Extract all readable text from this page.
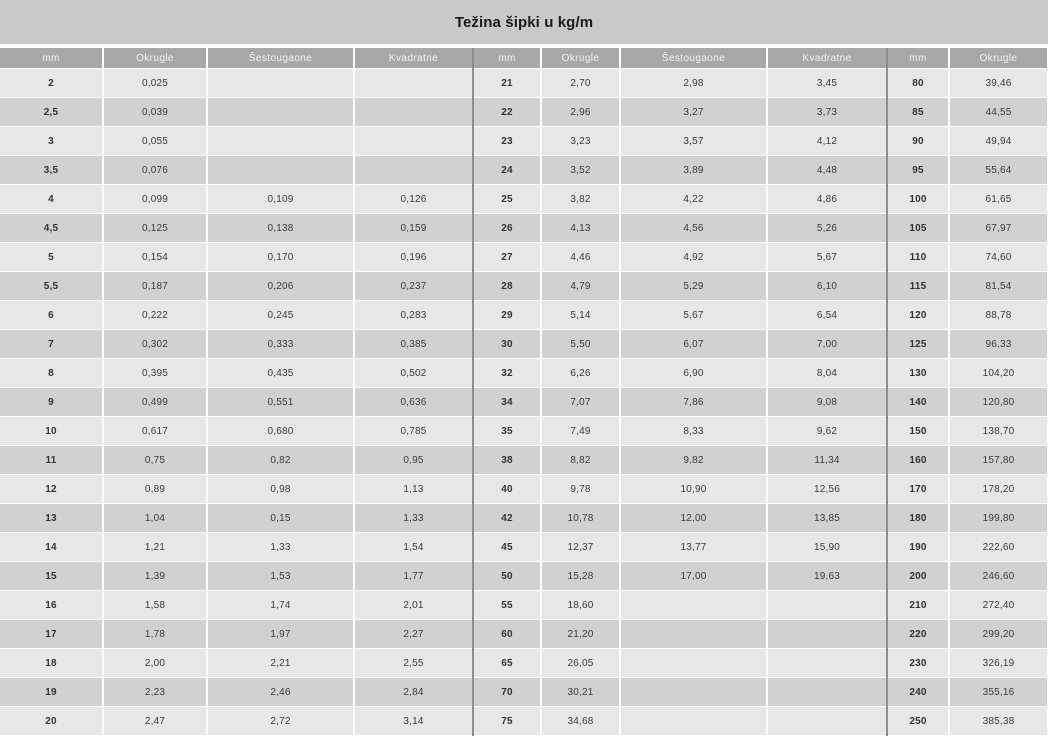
Težina šipki u kg/m
mm	Okrugle	Šestougaone	Kvadratne	mm	Okrugle	Šestougaone	Kvadratne	mm	Okrugle
2	0,025			21	2,70	2,98	3,45	80	39,46
2,5	0,039			22	2,96	3,27	3,73	85	44,55
3	0,055			23	3,23	3,57	4,12	90	49,94
3,5	0,076			24	3,52	3,89	4,48	95	55,64
4	0,099	0,109	0,126	25	3,82	4,22	4,86	100	61,65
4,5	0,125	0,138	0,159	26	4,13	4,56	5,26	105	67,97
5	0,154	0,170	0,196	27	4,46	4,92	5,67	110	74,60
5,5	0,187	0,206	0,237	28	4,79	5,29	6,10	115	81,54
6	0,222	0,245	0,283	29	5,14	5,67	6,54	120	88,78
7	0,302	0,333	0,385	30	5,50	6,07	7,00	125	96,33
8	0,395	0,435	0,502	32	6,26	6,90	8,04	130	104,20
9	0,499	0,551	0,636	34	7,07	7,86	9,08	140	120,80
10	0,617	0,680	0,785	35	7,49	8,33	9,62	150	138,70
11	0,75	0,82	0,95	38	8,82	9,82	11,34	160	157,80
12	0,89	0,98	1,13	40	9,78	10,90	12,56	170	178,20
13	1,04	0,15	1,33	42	10,78	12,00	13,85	180	199,80
14	1,21	1,33	1,54	45	12,37	13,77	15,90	190	222,60
15	1,39	1,53	1,77	50	15,28	17,00	19,63	200	246,60
16	1,58	1,74	2,01	55	18,60			210	272,40
17	1,78	1,97	2,27	60	21,20			220	299,20
18	2,00	2,21	2,55	65	26,05			230	326,19
19	2,23	2,46	2,84	70	30,21			240	355,16
20	2,47	2,72	3,14	75	34,68			250	385,38
